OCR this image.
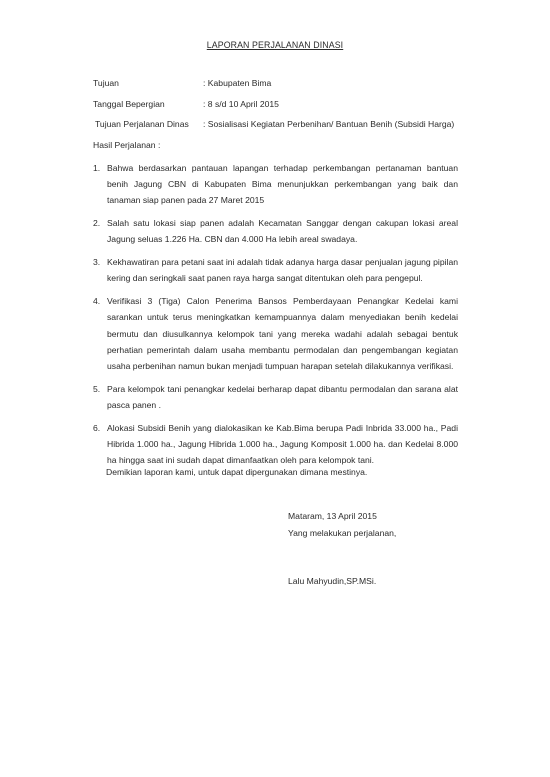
LAPORAN PERJALANAN DINASI
Tujuan	: Kabupaten Bima
Tanggal Bepergian	: 8 s/d 10 April 2015
Tujuan Perjalanan Dinas : Sosialisasi Kegiatan Perbenihan/ Bantuan Benih (Subsidi Harga)
Hasil Perjalanan :
1. Bahwa berdasarkan pantauan lapangan terhadap perkembangan pertanaman bantuan benih Jagung CBN di Kabupaten Bima menunjukkan perkembangan yang baik dan tanaman siap panen pada 27 Maret 2015
2. Salah satu lokasi siap panen adalah Kecamatan Sanggar dengan cakupan lokasi areal Jagung seluas 1.226 Ha. CBN dan 4.000 Ha lebih areal swadaya.
3. Kekhawatiran para petani saat ini adalah tidak adanya harga dasar penjualan jagung pipilan kering dan seringkali saat panen raya harga sangat ditentukan oleh para pengepul.
4. Verifikasi 3 (Tiga) Calon Penerima Bansos Pemberdayaan Penangkar Kedelai kami sarankan untuk terus meningkatkan kemampuannya dalam menyediakan benih kedelai bermutu dan diusulkannya kelompok tani yang mereka wadahi adalah sebagai bentuk perhatian pemerintah dalam usaha membantu permodalan dan pengembangan kegiatan usaha perbenihan namun bukan menjadi tumpuan harapan setelah dilakukannya verifikasi.
5. Para kelompok tani penangkar kedelai berharap dapat dibantu permodalan dan sarana alat pasca panen .
6. Alokasi Subsidi Benih yang dialokasikan ke Kab.Bima berupa Padi Inbrida 33.000 ha., Padi Hibrida 1.000 ha., Jagung Hibrida 1.000 ha., Jagung Komposit 1.000 ha. dan Kedelai 8.000 ha hingga saat ini sudah dapat dimanfaatkan oleh para kelompok tani.
Demikian laporan kami, untuk dapat dipergunakan dimana mestinya.
Mataram, 13 April 2015
Yang melakukan perjalanan,
Lalu Mahyudin,SP.MSi.
